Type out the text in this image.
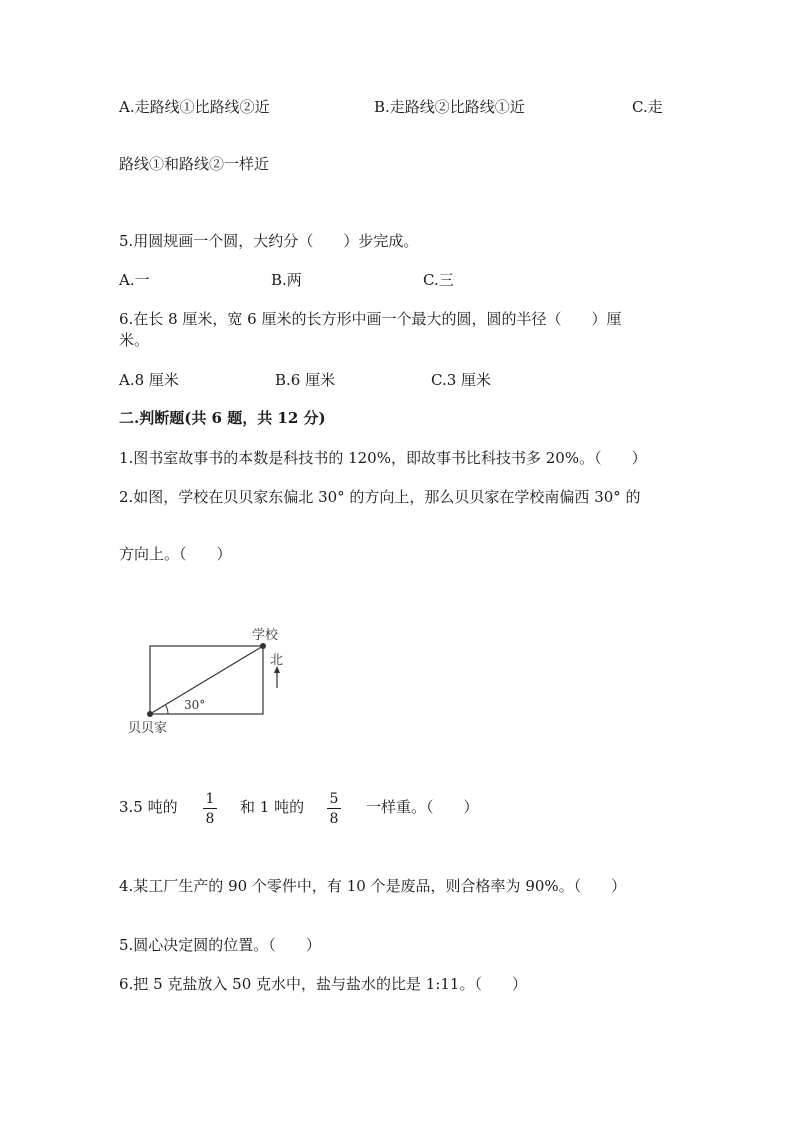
A.走路线①比路线②近	B.走路线②比路线①近	C.走
路线①和路线②一样近
5.用圆规画一个圆，大约分（　　）步完成。
A.一	B.两	C.三
6.在长 8 厘米，宽 6 厘米的长方形中画一个最大的圆，圆的半径（　　）厘
米。
A.8 厘米	B.6 厘米	C.3 厘米
二.判断题(共 6 题，共 12 分)
1.图书室故事书的本数是科技书的 120%，即故事书比科技书多 20%。（　　）
2.如图，学校在贝贝家东偏北 30° 的方向上，那么贝贝家在学校南偏西 30° 的
方向上。（　　）
学校
北
30°
贝贝家
3.5 吨的 1
8
和 1 吨的 5
8
一样重。（　　）
4.某工厂生产的 90 个零件中，有 10 个是废品，则合格率为 90%。（　　）
5.圆心决定圆的位置。（　　）
6.把 5 克盐放入 50 克水中，盐与盐水的比是 1:11。（　　）
